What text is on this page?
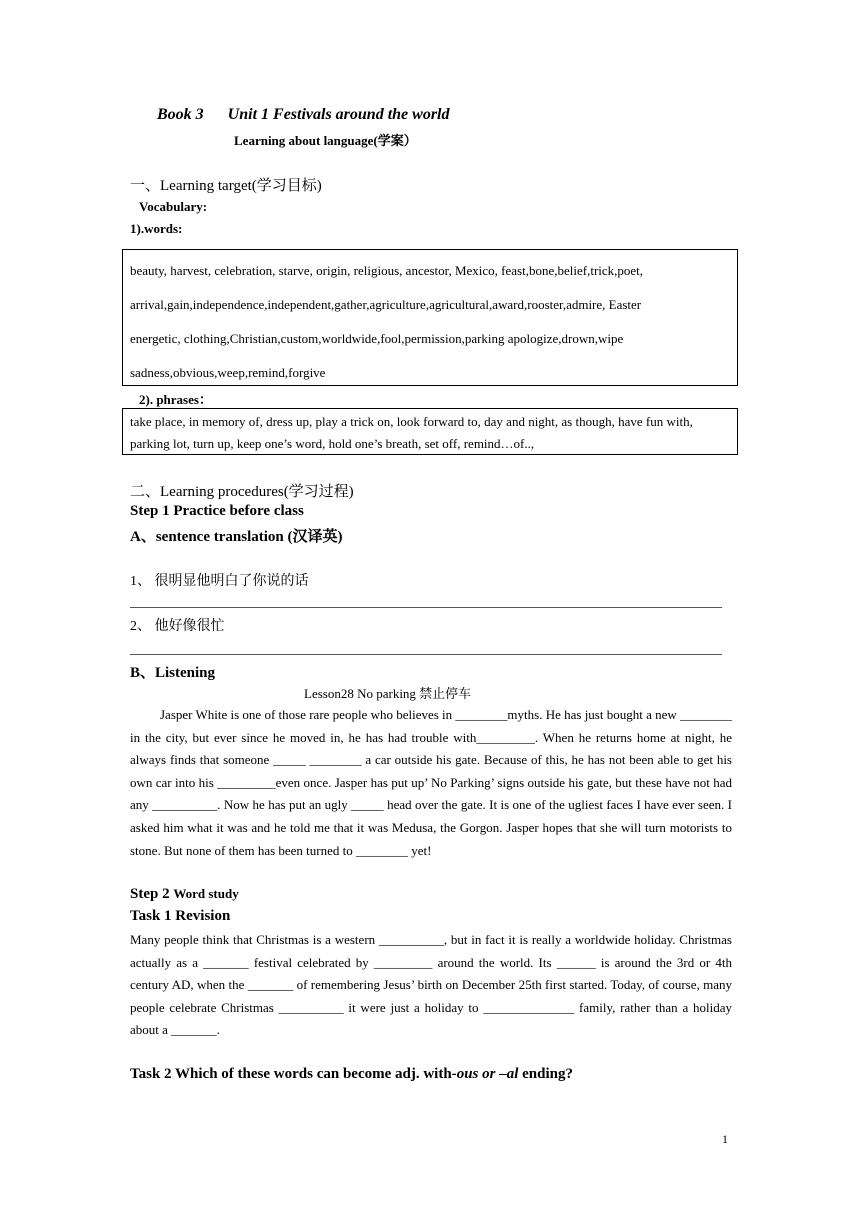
Book 3 Unit 1 Festivals around the world
Learning about language(学案）
一、Learning target(学习目标)
Vocabulary:
1).words:

beauty, harvest, celebration, starve, origin, religious, ancestor, Mexico, feast,bone,belief,trick,poet,

arrival,gain,independence,independent,gather,agriculture,agricultural,award,rooster,admire, Easter

energetic, clothing,Christian,custom,worldwide,fool,permission,parking apologize,drown,wipe

sadness,obvious,weep,remind,forgive

2). phrases：
take place, in memory of, dress up, play a trick on, look forward to, day and night, as though, have fun with, parking lot, turn up, keep one’s word, hold one’s breath, set off, remind…of..,
二、Learning procedures(学习过程)
Step 1 Practice before class
A、sentence translation (汉译英)
1、 很明显他明白了你说的话
2、 他好像很忙
B、Listening
Lesson28 No parking 禁止停车

Jasper White is one of those rare people who believes in ________myths. He has just bought a new ________ in the city, but ever since he moved in, he has had trouble with_________. When he returns home at night, he always finds that someone _____ ________ a car outside his gate. Because of this, he has not been able to get his own car into his _________even once. Jasper has put up’ No Parking’ signs outside his gate, but these have not had any __________. Now he has put an ugly _____ head over the gate. It is one of the ugliest faces I have ever seen. I asked him what it was and he told me that it was Medusa, the Gorgon. Jasper hopes that she will turn motorists to stone. But none of them has been turned to ________ yet!

Step 2 Word study
Task 1 Revision

Many people think that Christmas is a western __________, but in fact it is really a worldwide holiday. Christmas actually as a _______ festival celebrated by _________ around the world. Its ______ is around the 3rd or 4th century AD, when the _______ of remembering Jesus’ birth on December 25th first started. Today, of course, many people celebrate Christmas __________ it were just a holiday to ______________ family, rather than a holiday about a _______.

Task 2 Which of these words can become adj. with-ous or –al ending?
1
